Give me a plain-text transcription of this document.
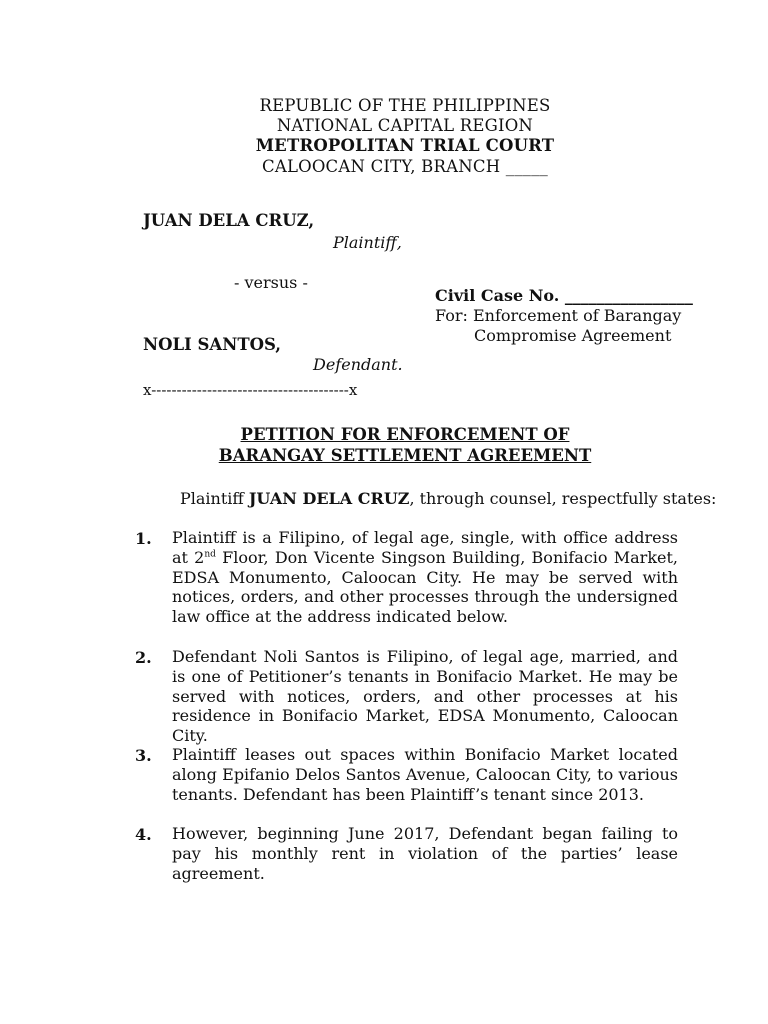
REPUBLIC OF THE PHILIPPINES
NATIONAL CAPITAL REGION
METROPOLITAN TRIAL COURT
CALOOCAN CITY, BRANCH _____
JUAN DELA CRUZ,
Plaintiff,
- versus -
NOLI SANTOS,
Defendant.
x---------------------------------------x
Civil Case No. ________________
For: Enforcement of Barangay
Compromise Agreement
PETITION FOR ENFORCEMENT OF
BARANGAY SETTLEMENT AGREEMENT
Plaintiff JUAN DELA CRUZ, through counsel, respectfully states:
1. Plaintiff is a Filipino, of legal age, single, with office address at 2nd Floor, Don Vicente Singson Building, Bonifacio Market, EDSA Monumento, Caloocan City. He may be served with notices, orders, and other processes through the undersigned law office at the address indicated below.
2. Defendant Noli Santos is Filipino, of legal age, married, and is one of Petitioner’s tenants in Bonifacio Market. He may be served with notices, orders, and other processes at his residence in Bonifacio Market, EDSA Monumento, Caloocan City.
3. Plaintiff leases out spaces within Bonifacio Market located along Epifanio Delos Santos Avenue, Caloocan City, to various tenants. Defendant has been Plaintiff’s tenant since 2013.
4. However, beginning June 2017, Defendant began failing to pay his monthly rent in violation of the parties’ lease agreement.
